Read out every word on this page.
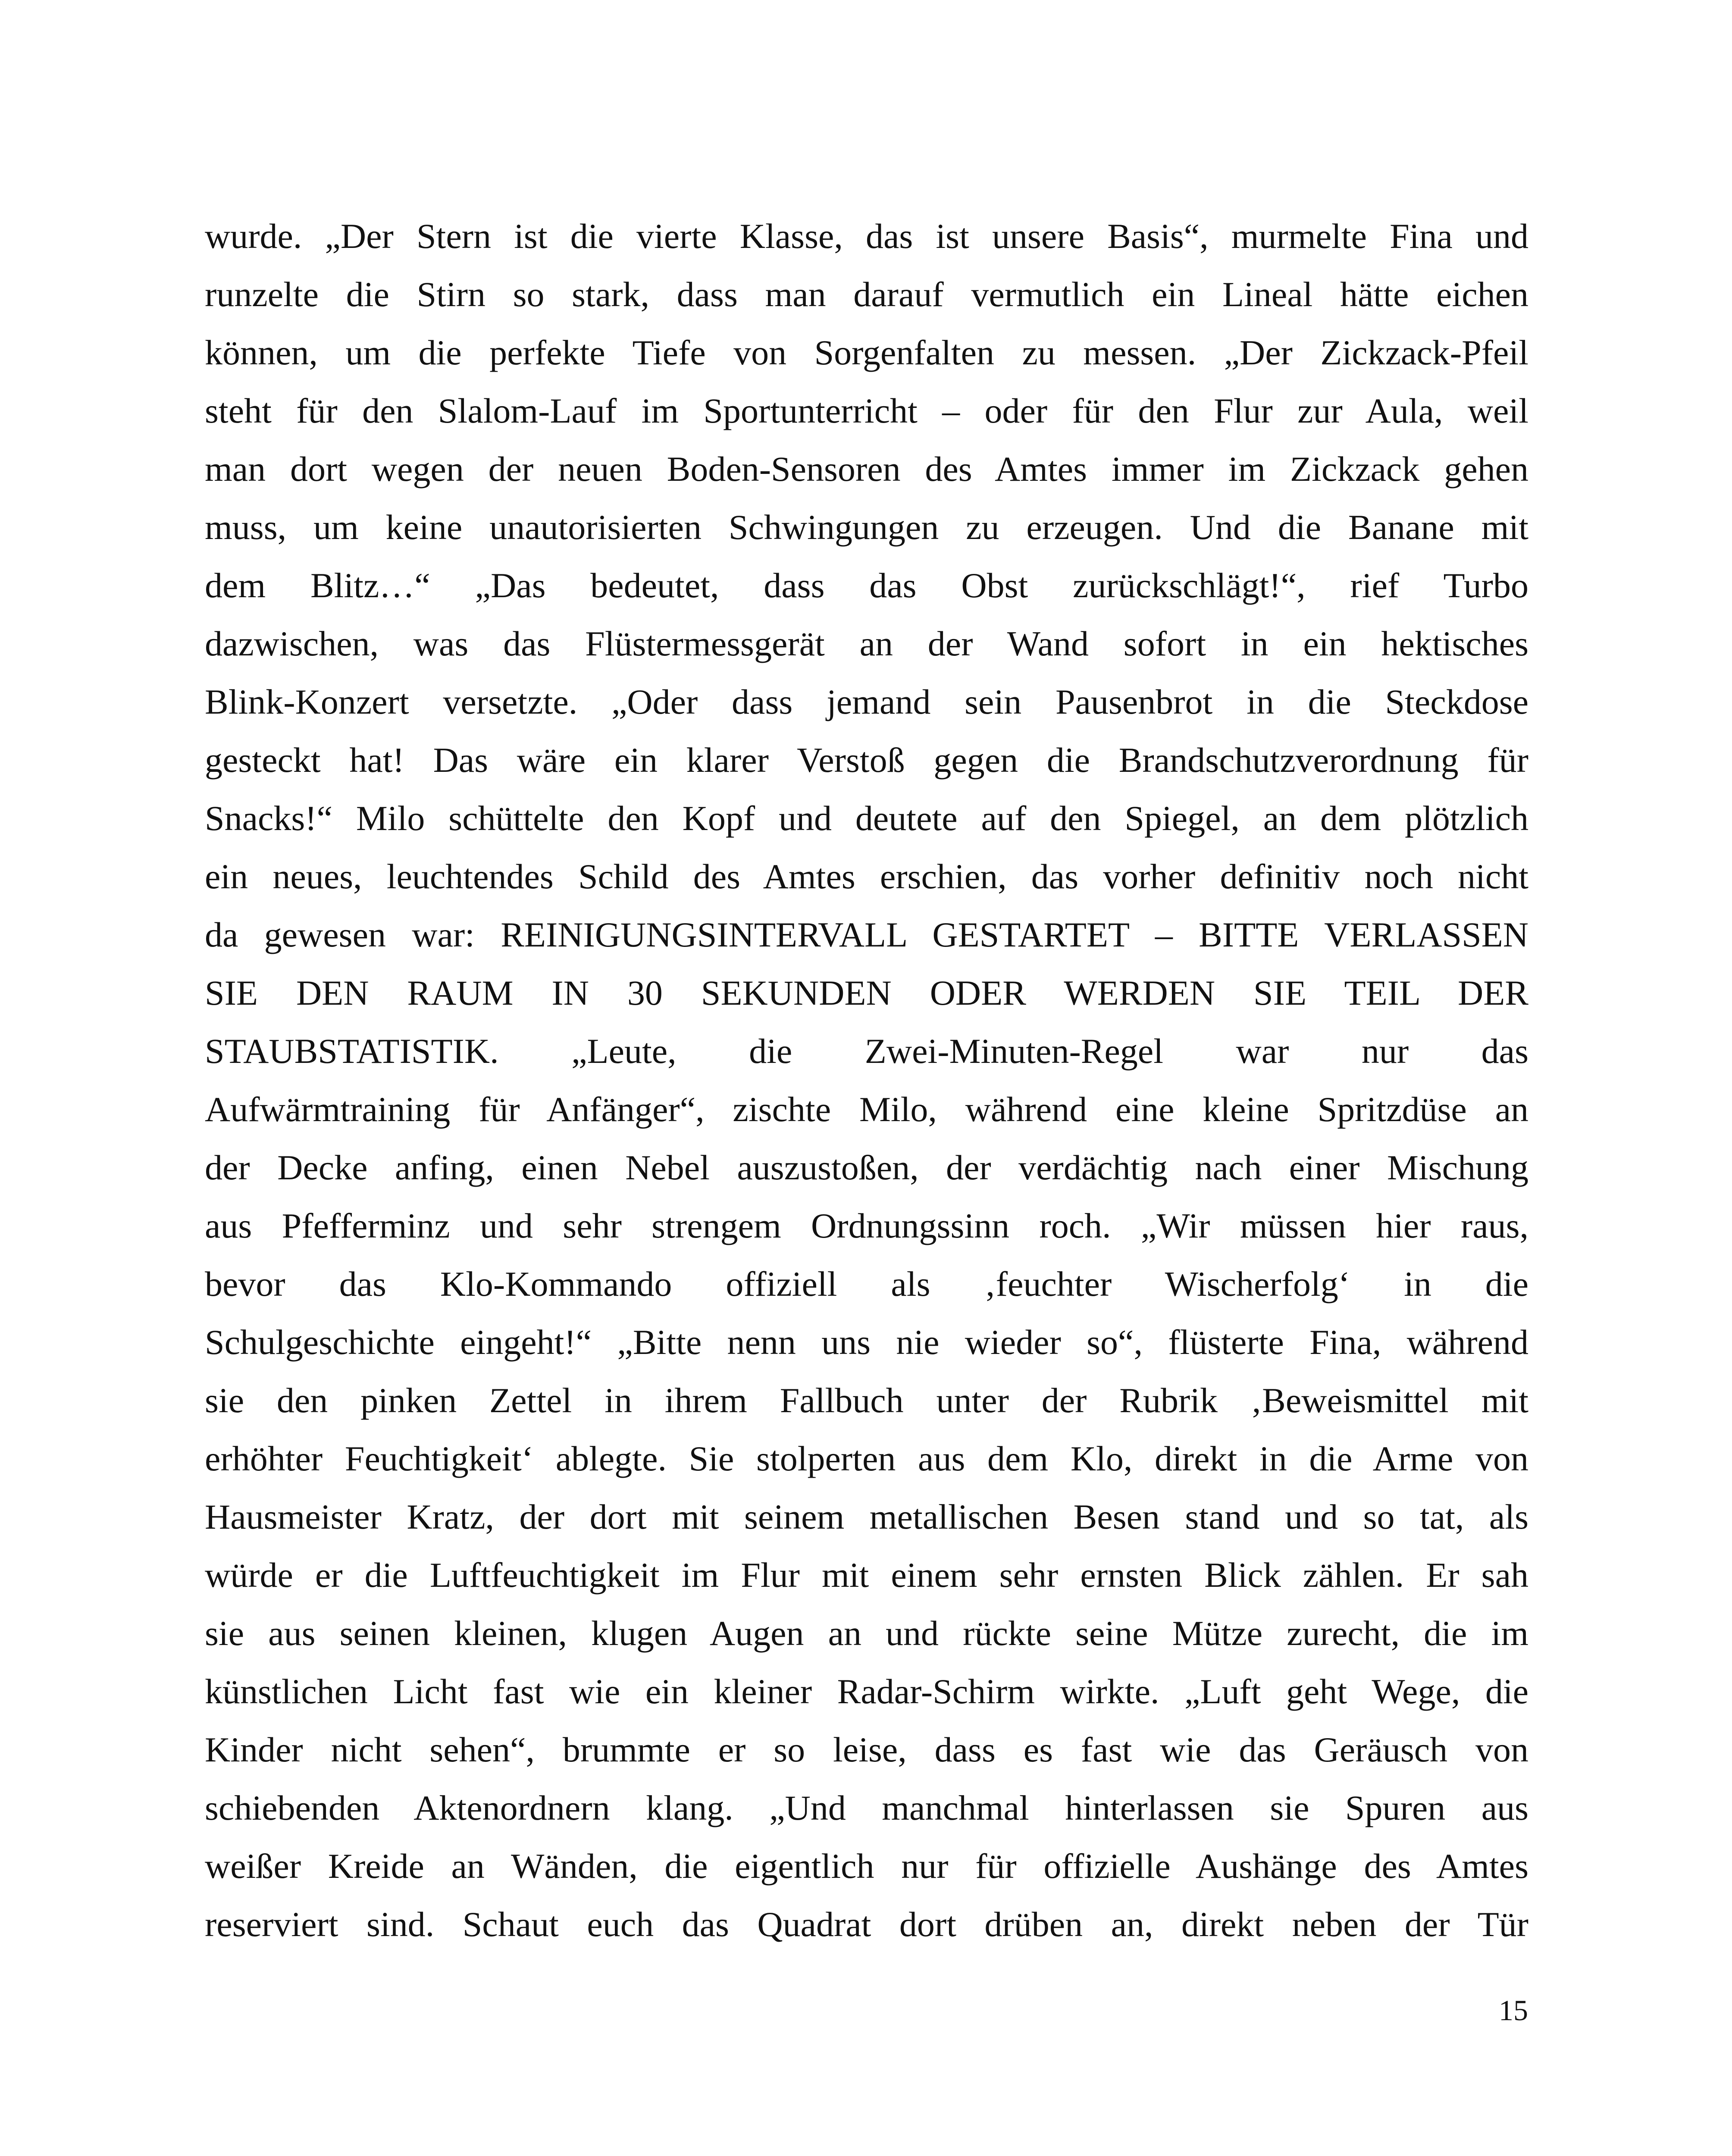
wurde. „Der Stern ist die vierte Klasse, das ist unsere Basis“, murmelte Fina und
runzelte die Stirn so stark, dass man darauf vermutlich ein Lineal hätte eichen
können, um die perfekte Tiefe von Sorgenfalten zu messen. „Der Zickzack-Pfeil
steht für den Slalom-Lauf im Sportunterricht – oder für den Flur zur Aula, weil
man dort wegen der neuen Boden-Sensoren des Amtes immer im Zickzack gehen
muss, um keine unautorisierten Schwingungen zu erzeugen. Und die Banane mit
dem Blitz…“ „Das bedeutet, dass das Obst zurückschlägt!“, rief Turbo
dazwischen, was das Flüstermessgerät an der Wand sofort in ein hektisches
Blink-Konzert versetzte. „Oder dass jemand sein Pausenbrot in die Steckdose
gesteckt hat! Das wäre ein klarer Verstoß gegen die Brandschutzverordnung für
Snacks!“ Milo schüttelte den Kopf und deutete auf den Spiegel, an dem plötzlich
ein neues, leuchtendes Schild des Amtes erschien, das vorher definitiv noch nicht
da gewesen war: REINIGUNGSINTERVALL GESTARTET – BITTE VERLASSEN
SIE DEN RAUM IN 30 SEKUNDEN ODER WERDEN SIE TEIL DER
STAUBSTATISTIK. „Leute, die Zwei-Minuten-Regel war nur das
Aufwärmtraining für Anfänger“, zischte Milo, während eine kleine Spritzdüse an
der Decke anfing, einen Nebel auszustoßen, der verdächtig nach einer Mischung
aus Pfefferminz und sehr strengem Ordnungssinn roch. „Wir müssen hier raus,
bevor das Klo-Kommando offiziell als ‚feuchter Wischerfolg‘ in die
Schulgeschichte eingeht!“ „Bitte nenn uns nie wieder so“, flüsterte Fina, während
sie den pinken Zettel in ihrem Fallbuch unter der Rubrik ‚Beweismittel mit
erhöhter Feuchtigkeit‘ ablegte. Sie stolperten aus dem Klo, direkt in die Arme von
Hausmeister Kratz, der dort mit seinem metallischen Besen stand und so tat, als
würde er die Luftfeuchtigkeit im Flur mit einem sehr ernsten Blick zählen. Er sah
sie aus seinen kleinen, klugen Augen an und rückte seine Mütze zurecht, die im
künstlichen Licht fast wie ein kleiner Radar-Schirm wirkte. „Luft geht Wege, die
Kinder nicht sehen“, brummte er so leise, dass es fast wie das Geräusch von
schiebenden Aktenordnern klang. „Und manchmal hinterlassen sie Spuren aus
weißer Kreide an Wänden, die eigentlich nur für offizielle Aushänge des Amtes
reserviert sind. Schaut euch das Quadrat dort drüben an, direkt neben der Tür
15
